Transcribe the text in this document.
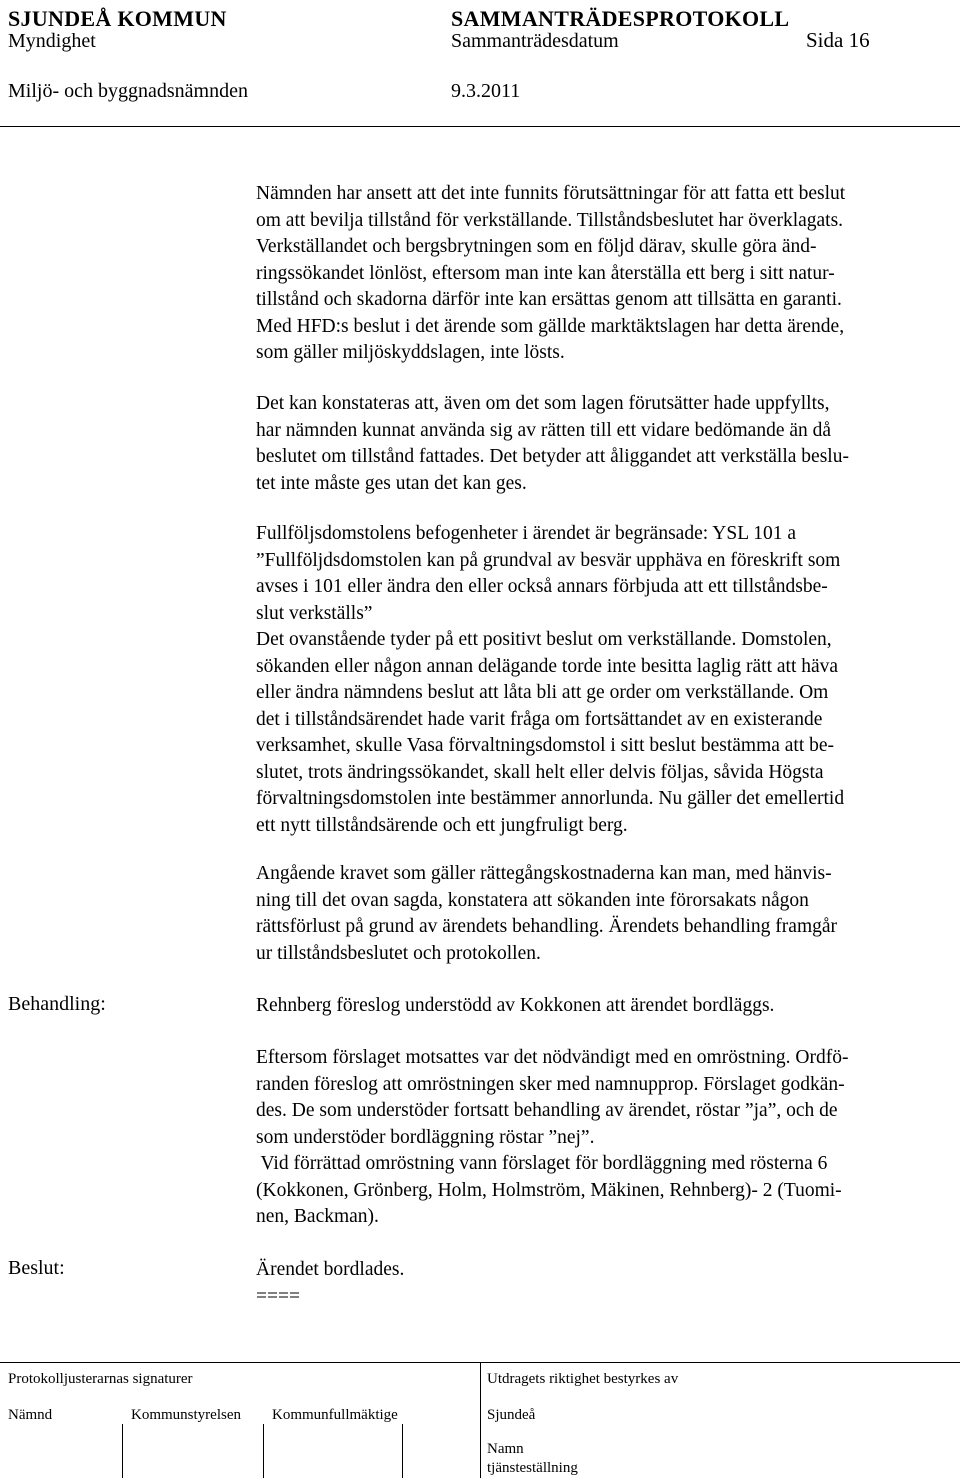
SJUNDEÅ KOMMUN	SAMMANTRÄDESPROTOKOLL
Myndighet	Sammanträdesdatum	Sida 16
Miljö- och byggnadsnämnden	9.3.2011
Nämnden har ansett att det inte funnits förutsättningar för att fatta ett beslut
om att bevilja tillstånd för verkställande. Tillståndsbeslutet har överklagats.
Verkställandet och bergsbrytningen som en följd därav, skulle göra änd-
ringssökandet lönlöst, eftersom man inte kan återställa ett berg i sitt natur-
tillstånd och skadorna därför inte kan ersättas genom att tillsätta en garanti.
Med HFD:s beslut i det ärende som gällde marktäktslagen har detta ärende,
som gäller miljöskyddslagen, inte lösts.
Det kan konstateras att, även om det som lagen förutsätter hade uppfyllts,
har nämnden kunnat använda sig av rätten till ett vidare bedömande än då
beslutet om tillstånd fattades. Det betyder att åliggandet att verkställa beslu-
tet inte måste ges utan det kan ges.
Fullföljsdomstolens befogenheter i ärendet är begränsade: YSL 101 a
”Fullföljdsdomstolen kan på grundval av besvär upphäva en föreskrift som
avses i 101 eller ändra den eller också annars förbjuda att ett tillståndsbe-
slut verkställs”
Det ovanstående tyder på ett positivt beslut om verkställande. Domstolen,
sökanden eller någon annan delägande torde inte besitta laglig rätt att häva
eller ändra nämndens beslut att låta bli att ge order om verkställande. Om
det i tillståndsärendet hade varit fråga om fortsättandet av en existerande
verksamhet, skulle Vasa förvaltningsdomstol i sitt beslut bestämma att be-
slutet, trots ändringssökandet, skall helt eller delvis följas, såvida Högsta
förvaltningsdomstolen inte bestämmer annorlunda. Nu gäller det emellertid
ett nytt tillståndsärende och ett jungfruligt berg.
Angående kravet som gäller rättegångskostnaderna kan man, med hänvis-
ning till det ovan sagda, konstatera att sökanden inte förorsakats någon
rättsförlust på grund av ärendets behandling. Ärendets behandling framgår
ur tillståndsbeslutet och protokollen.
Behandling:	Rehnberg föreslog understödd av Kokkonen att ärendet bordläggs.
Eftersom förslaget motsattes var det nödvändigt med en omröstning. Ordfö-
randen föreslog att omröstningen sker med namnupprop. Förslaget godkän-
des. De som understöder fortsatt behandling av ärendet, röstar ”ja”, och de
som understöder bordläggning röstar ”nej”.
Vid förrättad omröstning vann förslaget för bordläggning med rösterna 6
(Kokkonen, Grönberg, Holm, Holmström, Mäkinen, Rehnberg)- 2 (Tuomi-
nen, Backman).
Beslut:	Ärendet bordlades.
====
Protokolljusterarnas signaturer	Utdragets riktighet bestyrkes av
Nämnd	Kommunstyrelsen Kommunfullmäktige	Sjundeå
Namn
tjänsteställning
